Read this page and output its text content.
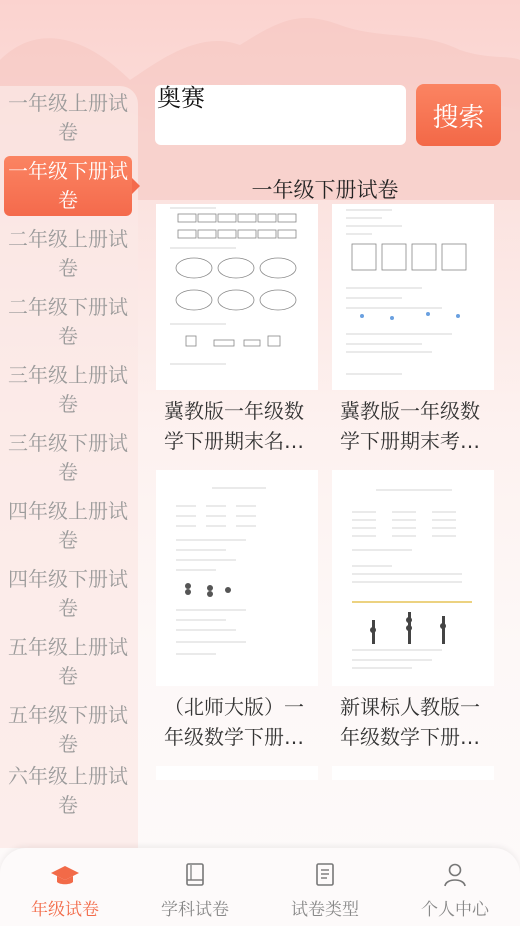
一年级上册试卷
一年级下册试卷
二年级上册试卷
二年级下册试卷
三年级上册试卷
三年级下册试卷
四年级上册试卷
四年级下册试卷
五年级上册试卷
五年级下册试卷
六年级上册试卷
奥赛
搜索
一年级下册试卷
冀教版一年级数学下册期末名…
冀教版一年级数学下册期末考…
（北师大版）一年级数学下册…
新课标人教版一年级数学下册…
年级试卷	学科试卷	试卷类型	个人中心
